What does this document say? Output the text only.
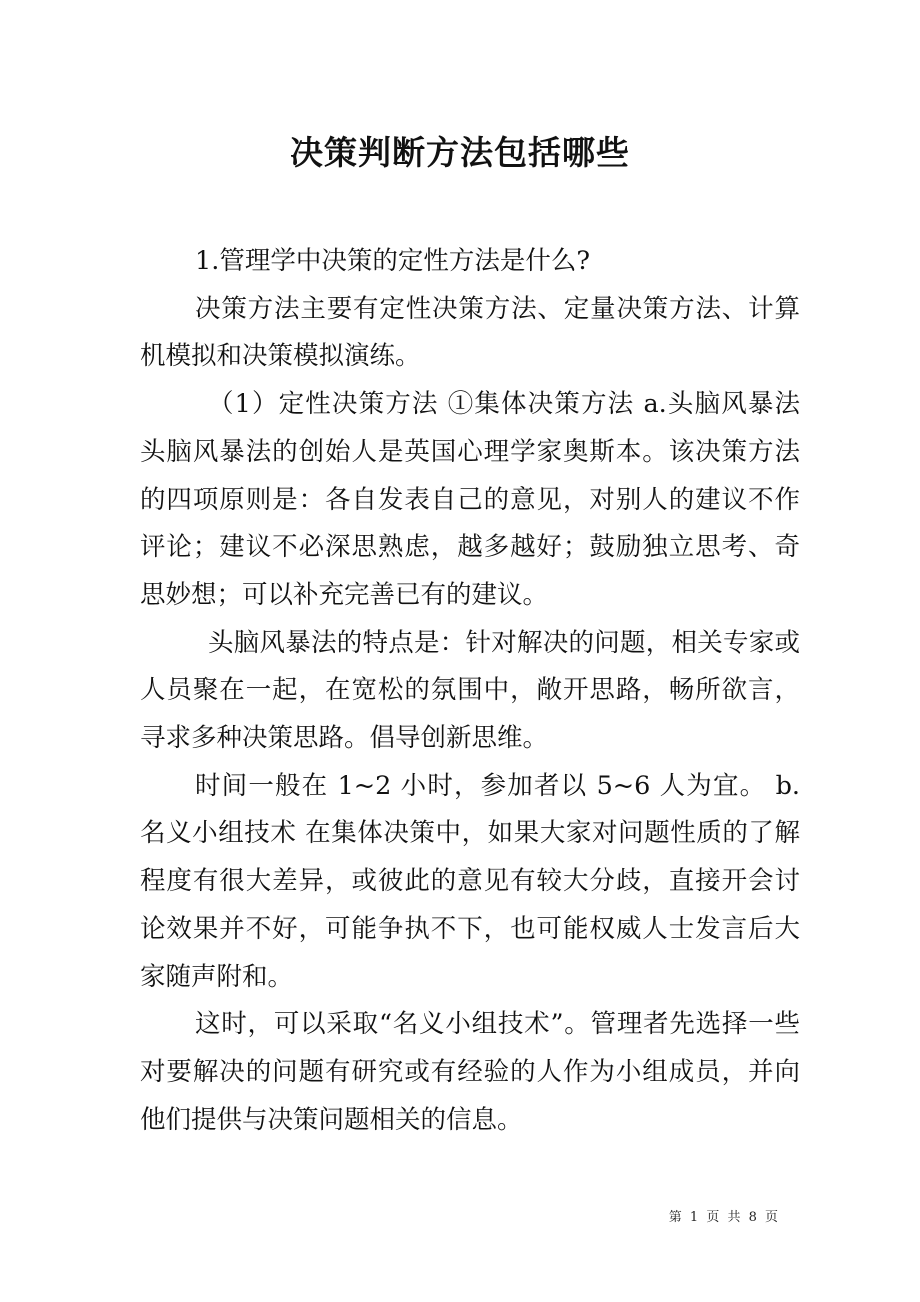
决策判断方法包括哪些

1.管理学中决策的定性方法是什么?

决策方法主要有定性决策方法、定量决策方法、计算机模拟和决策模拟演练。

（1）定性决策方法 ①集体决策方法 a.头脑风暴法 头脑风暴法的创始人是英国心理学家奥斯本。该决策方法的四项原则是：各自发表自己的意见，对别人的建议不作评论；建议不必深思熟虑，越多越好；鼓励独立思考、奇思妙想；可以补充完善已有的建议。

头脑风暴法的特点是：针对解决的问题，相关专家或人员聚在一起，在宽松的氛围中，敞开思路，畅所欲言，寻求多种决策思路。倡导创新思维。

时间一般在 1~2 小时，参加者以 5~6 人为宜。 b.名义小组技术 在集体决策中，如果大家对问题性质的了解程度有很大差异，或彼此的意见有较大分歧，直接开会讨论效果并不好，可能争执不下，也可能权威人士发言后大家随声附和。

这时，可以采取“名义小组技术”。管理者先选择一些对要解决的问题有研究或有经验的人作为小组成员，并向他们提供与决策问题相关的信息。

第 1 页 共 8 页
